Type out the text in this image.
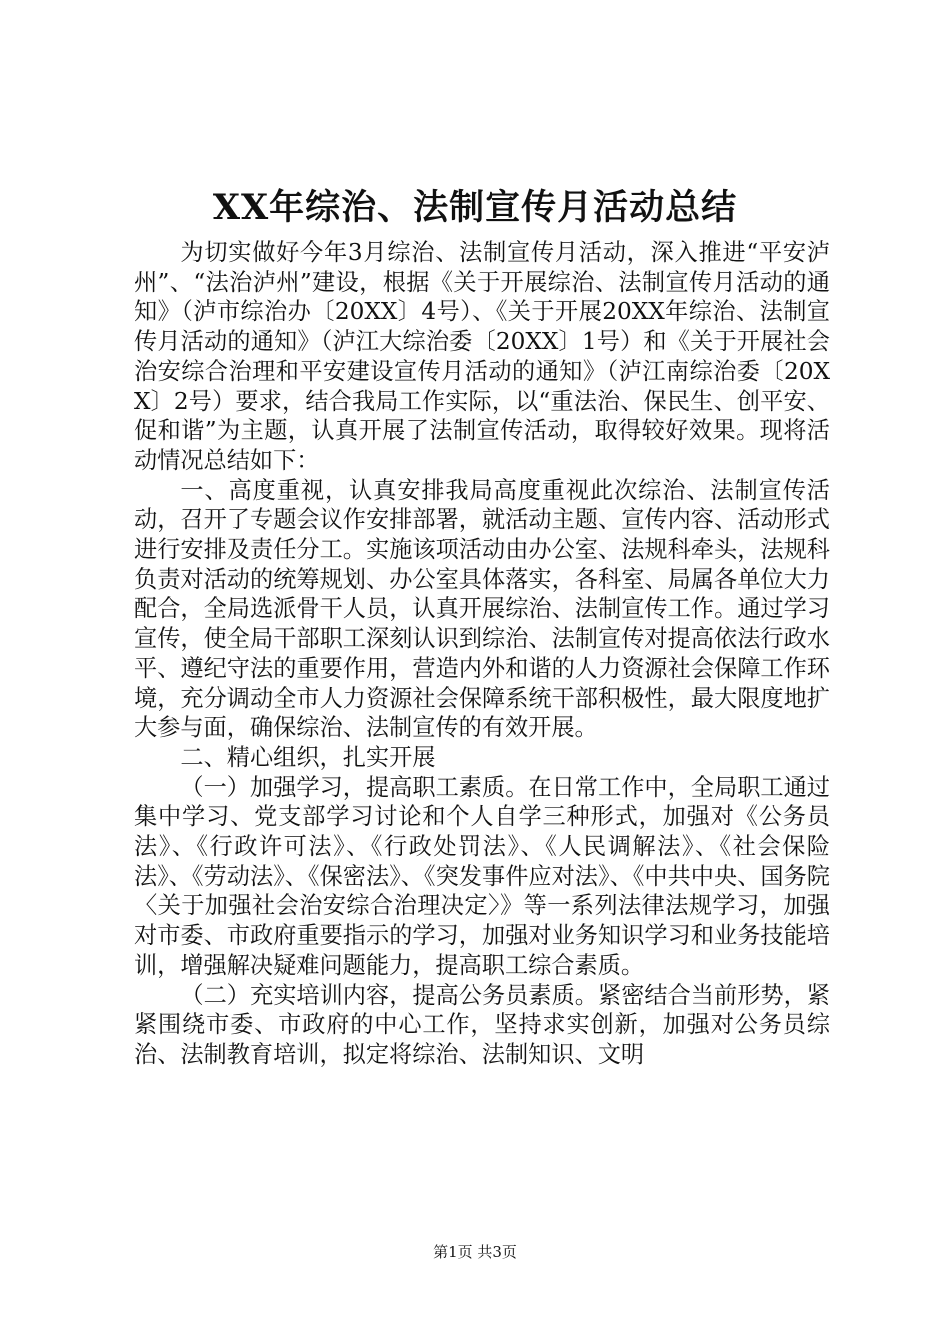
XX年综治、法制宣传月活动总结

为切实做好今年3月综治、法制宣传月活动，深入推进“平安泸州”、“法治泸州”建设，根据《关于开展综治、法制宣传月活动的通知》（泸市综治办〔20XX〕4号）、《关于开展20XX年综治、法制宣传月活动的通知》（泸江大综治委〔20XX〕1号）和《关于开展社会治安综合治理和平安建设宣传月活动的通知》（泸江南综治委〔20XX〕2号）要求，结合我局工作实际，以“重法治、保民生、创平安、促和谐”为主题，认真开展了法制宣传活动，取得较好效果。现将活动情况总结如下：

一、高度重视，认真安排我局高度重视此次综治、法制宣传活动，召开了专题会议作安排部署，就活动主题、宣传内容、活动形式进行安排及责任分工。实施该项活动由办公室、法规科牵头，法规科负责对活动的统筹规划、办公室具体落实，各科室、局属各单位大力配合，全局选派骨干人员，认真开展综治、法制宣传工作。通过学习宣传，使全局干部职工深刻认识到综治、法制宣传对提高依法行政水平、遵纪守法的重要作用，营造内外和谐的人力资源社会保障工作环境，充分调动全市人力资源社会保障系统干部积极性，最大限度地扩大参与面，确保综治、法制宣传的有效开展。

二、精心组织，扎实开展

（一）加强学习，提高职工素质。在日常工作中，全局职工通过集中学习、党支部学习讨论和个人自学三种形式，加强对《公务员法》、《行政许可法》、《行政处罚法》、《人民调解法》、《社会保险法》、《劳动法》、《保密法》、《突发事件应对法》、《中共中央、国务院〈关于加强社会治安综合治理决定〉》等一系列法律法规学习，加强对市委、市政府重要指示的学习，加强对业务知识学习和业务技能培训，增强解决疑难问题能力，提高职工综合素质。

（二）充实培训内容，提高公务员素质。紧密结合当前形势，紧紧围绕市委、市政府的中心工作，坚持求实创新，加强对公务员综治、法制教育培训，拟定将综治、法制知识、文明

第1页 共3页
